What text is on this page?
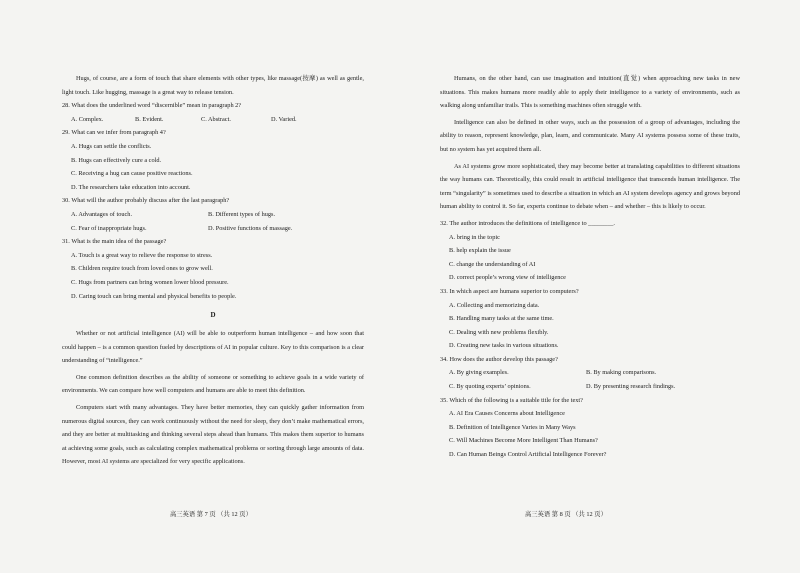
Hugs, of course, are a form of touch that share elements with other types, like massage(按摩) as well as gentle, light touch. Like hugging, massage is a great way to release tension.
28. What does the underlined word “discernible” mean in paragraph 2?
A. Complex.	B. Evident.	C. Abstract.	D. Varied.
29. What can we infer from paragraph 4?
A. Hugs can settle the conflicts.
B. Hugs can effectively cure a cold.
C. Receiving a hug can cause positive reactions.
D. The researchers take education into account.
30. What will the author probably discuss after the last paragraph?
A. Advantages of touch.	B. Different types of hugs.
C. Fear of inappropriate hugs.	D. Positive functions of massage.
31. What is the main idea of the passage?
A. Touch is a great way to relieve the response to stress.
B. Children require touch from loved ones to grow well.
C. Hugs from partners can bring women lower blood pressure.
D. Caring touch can bring mental and physical benefits to people.
D
Whether or not artificial intelligence (AI) will be able to outperform human intelligence – and how soon that could happen – is a common question fueled by descriptions of AI in popular culture. Key to this comparison is a clear understanding of “intelligence.”
One common definition describes as the ability of someone or something to achieve goals in a wide variety of environments. We can compare how well computers and humans are able to meet this definition.
Computers start with many advantages. They have better memories, they can quickly gather information from numerous digital sources, they can work continuously without the need for sleep, they don’t make mathematical errors, and they are better at multitasking and thinking several steps ahead than humans. This makes them superior to humans at achieving some goals, such as calculating complex mathematical problems or sorting through large amounts of data. However, most AI systems are specialized for very specific applications.
高三英语 第 7 页 （共 12 页）
Humans, on the other hand, can use imagination and intuition(直觉) when approaching new tasks in new situations. This makes humans more readily able to apply their intelligence to a variety of environments, such as walking along unfamiliar trails. This is something machines often struggle with.
Intelligence can also be defined in other ways, such as the possession of a group of advantages, including the ability to reason, represent knowledge, plan, learn, and communicate. Many AI systems possess some of these traits, but no system has yet acquired them all.
As AI systems grow more sophisticated, they may become better at translating capabilities to different situations the way humans can. Theoretically, this could result in artificial intelligence that transcends human intelligence. The term “singularity” is sometimes used to describe a situation in which an AI system develops agency and grows beyond human ability to control it. So far, experts continue to debate when – and whether – this is likely to occur.
32. The author introduces the definitions of intelligence to ________.
A. bring in the topic
B. help explain the issue
C. change the understanding of AI
D. correct people’s wrong view of intelligence
33. In which aspect are humans superior to computers?
A. Collecting and memorizing data.
B. Handling many tasks at the same time.
C. Dealing with new problems flexibly.
D. Creating new tasks in various situations.
34. How does the author develop this passage?
A. By giving examples.	B. By making comparisons.
C. By quoting experts’ opinions.	D. By presenting research findings.
35. Which of the following is a suitable title for the text?
A. AI Era Causes Concerns about Intelligence
B. Definition of Intelligence Varies in Many Ways
C. Will Machines Become More Intelligent Than Humans?
D. Can Human Beings Control Artificial Intelligence Forever?
高三英语 第 8 页 （共 12 页）
